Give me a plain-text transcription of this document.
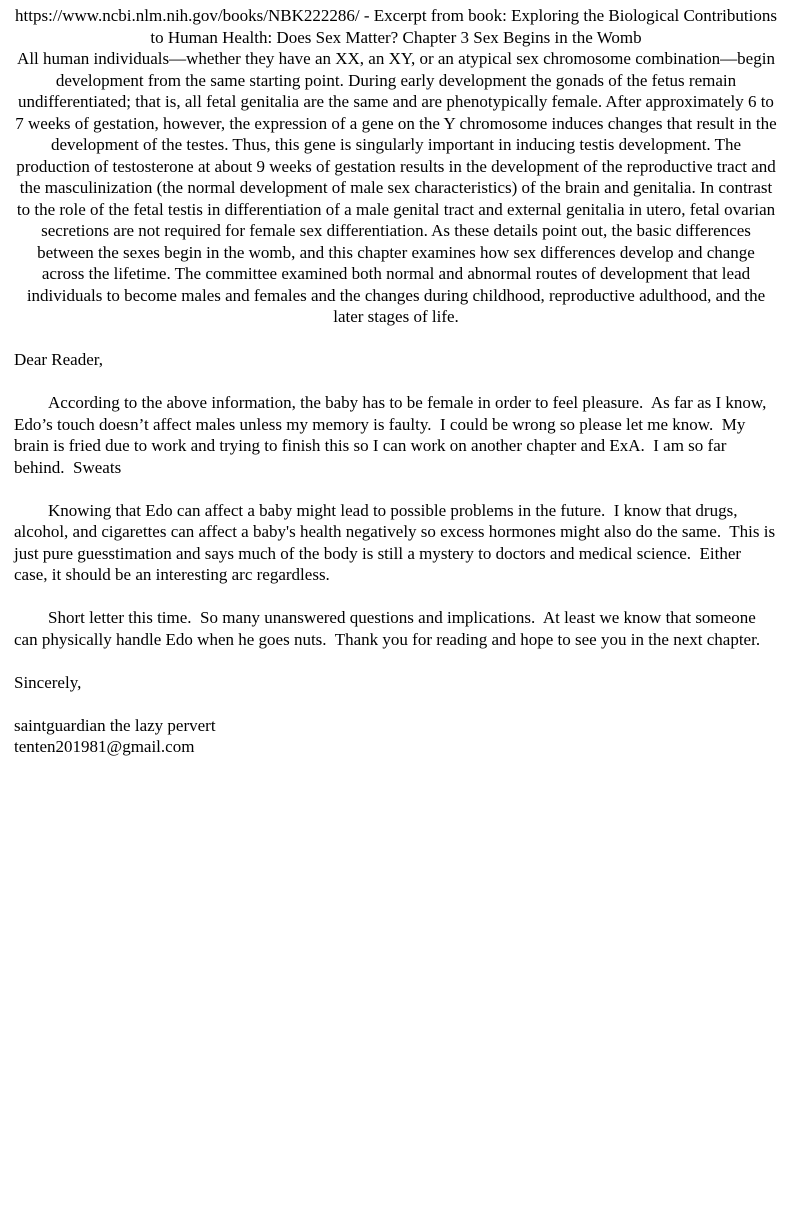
https://www.ncbi.nlm.nih.gov/books/NBK222286/ - Excerpt from book: Exploring the Biological Contributions to Human Health: Does Sex Matter? Chapter 3 Sex Begins in the Womb

All human individuals—whether they have an XX, an XY, or an atypical sex chromosome combination—begin development from the same starting point. During early development the gonads of the fetus remain undifferentiated; that is, all fetal genitalia are the same and are phenotypically female. After approximately 6 to 7 weeks of gestation, however, the expression of a gene on the Y chromosome induces changes that result in the development of the testes. Thus, this gene is singularly important in inducing testis development. The production of testosterone at about 9 weeks of gestation results in the development of the reproductive tract and the masculinization (the normal development of male sex characteristics) of the brain and genitalia. In contrast to the role of the fetal testis in differentiation of a male genital tract and external genitalia in utero, fetal ovarian secretions are not required for female sex differentiation. As these details point out, the basic differences between the sexes begin in the womb, and this chapter examines how sex differences develop and change across the lifetime. The committee examined both normal and abnormal routes of development that lead individuals to become males and females and the changes during childhood, reproductive adulthood, and the later stages of life.

Dear Reader,

According to the above information, the baby has to be female in order to feel pleasure.  As far as I know, Edo’s touch doesn’t affect males unless my memory is faulty.  I could be wrong so please let me know.  My brain is fried due to work and trying to finish this so I can work on another chapter and ExA.  I am so far behind.  Sweats

Knowing that Edo can affect a baby might lead to possible problems in the future.  I know that drugs, alcohol, and cigarettes can affect a baby's health negatively so excess hormones might also do the same.  This is just pure guesstimation and says much of the body is still a mystery to doctors and medical science.  Either case, it should be an interesting arc regardless.

Short letter this time.  So many unanswered questions and implications.  At least we know that someone can physically handle Edo when he goes nuts.  Thank you for reading and hope to see you in the next chapter.

Sincerely,

saintguardian the lazy pervert

tenten201981@gmail.com
